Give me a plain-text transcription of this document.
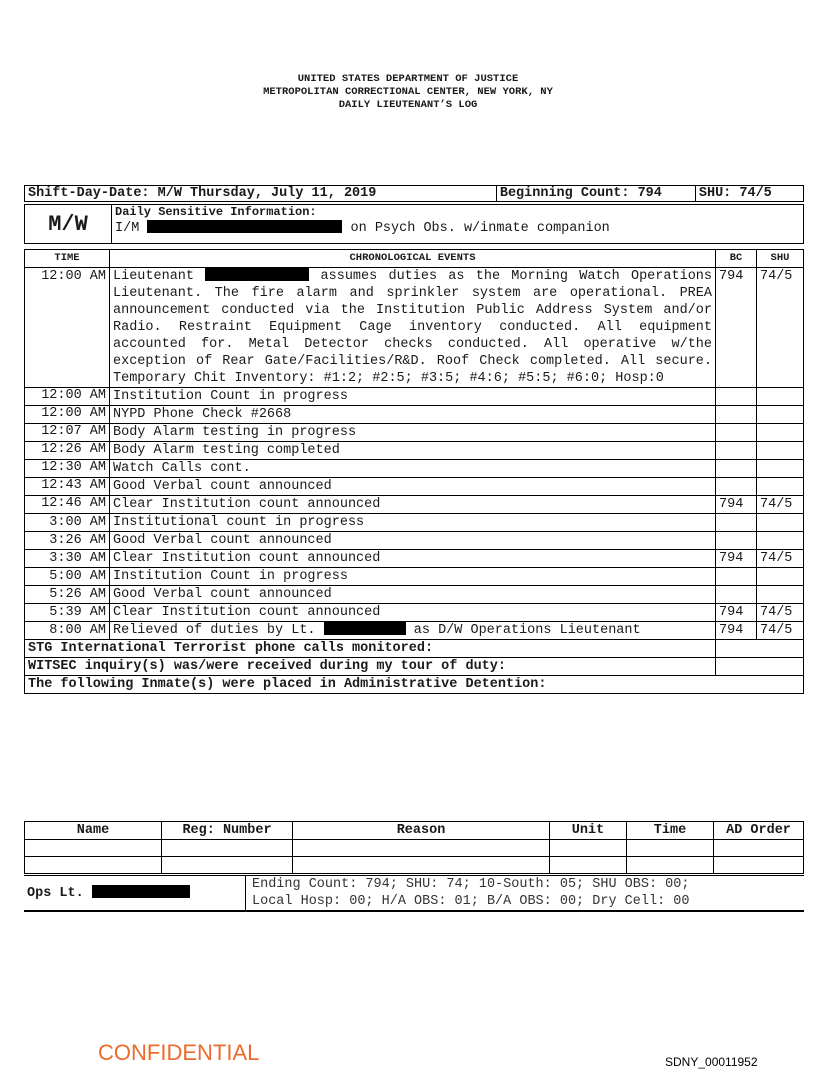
UNITED STATES DEPARTMENT OF JUSTICE
METROPOLITAN CORRECTIONAL CENTER, NEW YORK, NY
DAILY LIEUTENANT’S LOG
Shift-Day-Date: M/W Thursday, July 11, 2019	Beginning Count: 794	SHU: 74/5
M/W	Daily Sensitive Information:
I/M	on Psych Obs. w/inmate companion
TIME	CHRONOLOGICAL EVENTS	BC	SHU
12:00 AM	Lieutenant assumes duties as the Morning Watch Operations Lieutenant. The fire alarm and sprinkler system are operational. PREA announcement conducted via the Institution Public Address System and/or Radio. Restraint Equipment Cage inventory conducted. All equipment accounted for. Metal Detector checks conducted. All operative w/the exception of Rear Gate/Facilities/R&D. Roof Check completed. All secure. Temporary Chit Inventory: #1:2; #2:5; #3:5; #4:6; #5:5; #6:0; Hosp:0	794	74/5
12:00 AM	Institution Count in progress		
12:00 AM	NYPD Phone Check #2668		
12:07 AM	Body Alarm testing in progress		
12:26 AM	Body Alarm testing completed		
12:30 AM	Watch Calls cont.		
12:43 AM	Good Verbal count announced		
12:46 AM	Clear Institution count announced	794	74/5
3:00 AM	Institutional count in progress		
3:26 AM	Good Verbal count announced		
3:30 AM	Clear Institution count announced	794	74/5
5:00 AM	Institution Count in progress		
5:26 AM	Good Verbal count announced		
5:39 AM	Clear Institution count announced	794	74/5
8:00 AM	Relieved of duties by Lt. as D/W Operations Lieutenant	794	74/5
STG International Terrorist phone calls monitored:			
WITSEC inquiry(s) was/were received during my tour of duty:			
The following Inmate(s) were placed in Administrative Detention:			
Name	Reg: Number	Reason	Unit	Time	AD Order

Ops Lt.	
Ending Count: 794; SHU: 74; 10-South: 05; SHU OBS: 00;
Local Hosp: 00; H/A OBS: 01; B/A OBS: 00; Dry Cell: 00
CONFIDENTIAL	SDNY_00011952
